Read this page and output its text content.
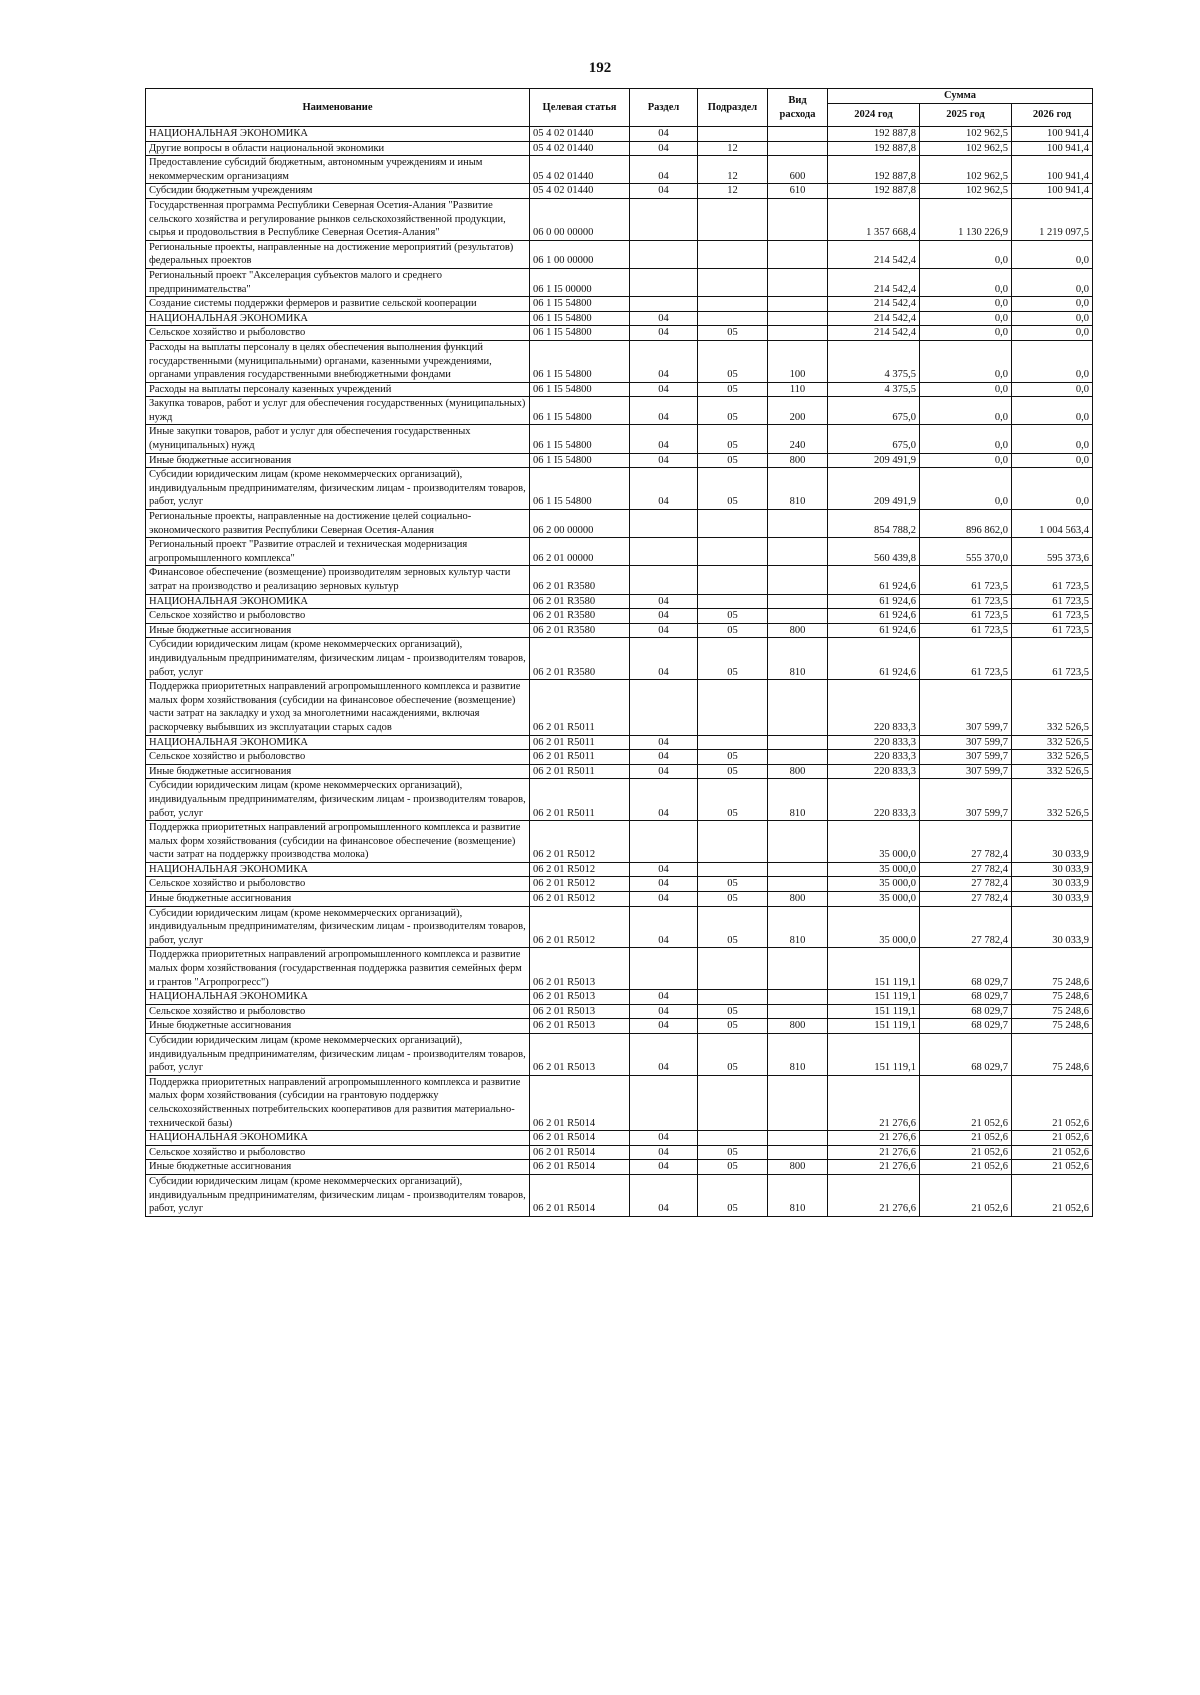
192
Наименование	Целевая статья	Раздел	Подраздел	Вид расхода	Сумма		
					2024 год	2025 год	2026 год
НАЦИОНАЛЬНАЯ ЭКОНОМИКА	05 4 02 01440	04			192 887,8	102 962,5	100 941,4
Другие вопросы в области национальной экономики	05 4 02 01440	04	12		192 887,8	102 962,5	100 941,4
Предоставление субсидий бюджетным, автономным учреждениям и иным некоммерческим организациям	05 4 02 01440	04	12	600	192 887,8	102 962,5	100 941,4
Субсидии бюджетным учреждениям	05 4 02 01440	04	12	610	192 887,8	102 962,5	100 941,4
Государственная программа Республики Северная Осетия-Алания "Развитие сельского хозяйства и регулирование рынков сельскохозяйственной продукции, сырья и продовольствия в Республике Северная Осетия-Алания"	06 0 00 00000				1 357 668,4	1 130 226,9	1 219 097,5
Региональные проекты, направленные на достижение мероприятий (результатов) федеральных проектов	06 1 00 00000				214 542,4	0,0	0,0
Региональный проект "Акселерация субъектов малого и среднего предпринимательства"	06 1 I5 00000				214 542,4	0,0	0,0
Создание системы поддержки фермеров и развитие сельской кооперации	06 1 I5 54800				214 542,4	0,0	0,0
НАЦИОНАЛЬНАЯ ЭКОНОМИКА	06 1 I5 54800	04			214 542,4	0,0	0,0
Сельское хозяйство и рыболовство	06 1 I5 54800	04	05		214 542,4	0,0	0,0
Расходы на выплаты персоналу в целях обеспечения выполнения функций государственными (муниципальными) органами, казенными учреждениями, органами управления государственными внебюджетными фондами	06 1 I5 54800	04	05	100	4 375,5	0,0	0,0
Расходы на выплаты персоналу казенных учреждений	06 1 I5 54800	04	05	110	4 375,5	0,0	0,0
Закупка товаров, работ и услуг для обеспечения государственных (муниципальных) нужд	06 1 I5 54800	04	05	200	675,0	0,0	0,0
Иные закупки товаров, работ и услуг для обеспечения государственных (муниципальных) нужд	06 1 I5 54800	04	05	240	675,0	0,0	0,0
Иные бюджетные ассигнования	06 1 I5 54800	04	05	800	209 491,9	0,0	0,0
Субсидии юридическим лицам (кроме некоммерческих организаций), индивидуальным предпринимателям, физическим лицам - производителям товаров, работ, услуг	06 1 I5 54800	04	05	810	209 491,9	0,0	0,0
Региональные проекты, направленные на достижение целей социально-экономического развития Республики Северная Осетия-Алания	06 2 00 00000				854 788,2	896 862,0	1 004 563,4
Региональный проект "Развитие отраслей и техническая модернизация агропромышленного комплекса"	06 2 01 00000				560 439,8	555 370,0	595 373,6
Финансовое обеспечение (возмещение) производителям зерновых культур части затрат на производство и реализацию зерновых культур	06 2 01 R3580				61 924,6	61 723,5	61 723,5
НАЦИОНАЛЬНАЯ ЭКОНОМИКА	06 2 01 R3580	04			61 924,6	61 723,5	61 723,5
Сельское хозяйство и рыболовство	06 2 01 R3580	04	05		61 924,6	61 723,5	61 723,5
Иные бюджетные ассигнования	06 2 01 R3580	04	05	800	61 924,6	61 723,5	61 723,5
Субсидии юридическим лицам (кроме некоммерческих организаций), индивидуальным предпринимателям, физическим лицам - производителям товаров, работ, услуг	06 2 01 R3580	04	05	810	61 924,6	61 723,5	61 723,5
Поддержка приоритетных направлений агропромышленного комплекса и развитие малых форм хозяйствования (субсидии на финансовое обеспечение (возмещение) части затрат на закладку и уход за многолетними насаждениями, включая раскорчевку выбывших из эксплуатации старых садов	06 2 01 R5011				220 833,3	307 599,7	332 526,5
НАЦИОНАЛЬНАЯ ЭКОНОМИКА	06 2 01 R5011	04			220 833,3	307 599,7	332 526,5
Сельское хозяйство и рыболовство	06 2 01 R5011	04	05		220 833,3	307 599,7	332 526,5
Иные бюджетные ассигнования	06 2 01 R5011	04	05	800	220 833,3	307 599,7	332 526,5
Субсидии юридическим лицам (кроме некоммерческих организаций), индивидуальным предпринимателям, физическим лицам - производителям товаров, работ, услуг	06 2 01 R5011	04	05	810	220 833,3	307 599,7	332 526,5
Поддержка приоритетных направлений агропромышленного комплекса и развитие малых форм хозяйствования (субсидии на финансовое обеспечение (возмещение) части затрат на поддержку производства молока)	06 2 01 R5012				35 000,0	27 782,4	30 033,9
НАЦИОНАЛЬНАЯ ЭКОНОМИКА	06 2 01 R5012	04			35 000,0	27 782,4	30 033,9
Сельское хозяйство и рыболовство	06 2 01 R5012	04	05		35 000,0	27 782,4	30 033,9
Иные бюджетные ассигнования	06 2 01 R5012	04	05	800	35 000,0	27 782,4	30 033,9
Субсидии юридическим лицам (кроме некоммерческих организаций), индивидуальным предпринимателям, физическим лицам - производителям товаров, работ, услуг	06 2 01 R5012	04	05	810	35 000,0	27 782,4	30 033,9
Поддержка приоритетных направлений агропромышленного комплекса и развитие малых форм хозяйствования (государственная поддержка развития семейных ферм и грантов "Агропрогресс")	06 2 01 R5013				151 119,1	68 029,7	75 248,6
НАЦИОНАЛЬНАЯ ЭКОНОМИКА	06 2 01 R5013	04			151 119,1	68 029,7	75 248,6
Сельское хозяйство и рыболовство	06 2 01 R5013	04	05		151 119,1	68 029,7	75 248,6
Иные бюджетные ассигнования	06 2 01 R5013	04	05	800	151 119,1	68 029,7	75 248,6
Субсидии юридическим лицам (кроме некоммерческих организаций), индивидуальным предпринимателям, физическим лицам - производителям товаров, работ, услуг	06 2 01 R5013	04	05	810	151 119,1	68 029,7	75 248,6
Поддержка приоритетных направлений агропромышленного комплекса и развитие малых форм хозяйствования (субсидии на грантовую поддержку сельскохозяйственных потребительских кооперативов для развития материально-технической базы)	06 2 01 R5014				21 276,6	21 052,6	21 052,6
НАЦИОНАЛЬНАЯ ЭКОНОМИКА	06 2 01 R5014	04			21 276,6	21 052,6	21 052,6
Сельское хозяйство и рыболовство	06 2 01 R5014	04	05		21 276,6	21 052,6	21 052,6
Иные бюджетные ассигнования	06 2 01 R5014	04	05	800	21 276,6	21 052,6	21 052,6
Субсидии юридическим лицам (кроме некоммерческих организаций), индивидуальным предпринимателям, физическим лицам - производителям товаров, работ, услуг	06 2 01 R5014	04	05	810	21 276,6	21 052,6	21 052,6
